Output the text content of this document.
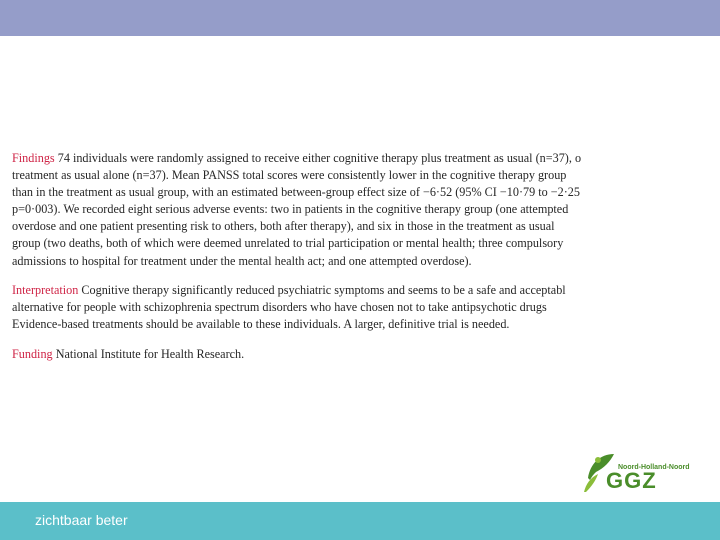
Findings 74 individuals were randomly assigned to receive either cognitive therapy plus treatment as usual (n=37), o
treatment as usual alone (n=37). Mean PANSS total scores were consistently lower in the cognitive therapy group
than in the treatment as usual group, with an estimated between-group effect size of −6·52 (95% CI −10·79 to −2·25
p=0·003). We recorded eight serious adverse events: two in patients in the cognitive therapy group (one attempted
overdose and one patient presenting risk to others, both after therapy), and six in those in the treatment as usual
group (two deaths, both of which were deemed unrelated to trial participation or mental health; three compulsory
admissions to hospital for treatment under the mental health act; and one attempted overdose).

Interpretation Cognitive therapy significantly reduced psychiatric symptoms and seems to be a safe and acceptabl
alternative for people with schizophrenia spectrum disorders who have chosen not to take antipsychotic drugs
Evidence-based treatments should be available to these individuals. A larger, definitive trial is needed.

Funding National Institute for Health Research.

Noord-Holland-Noord
GGZ
zichtbaar beter
